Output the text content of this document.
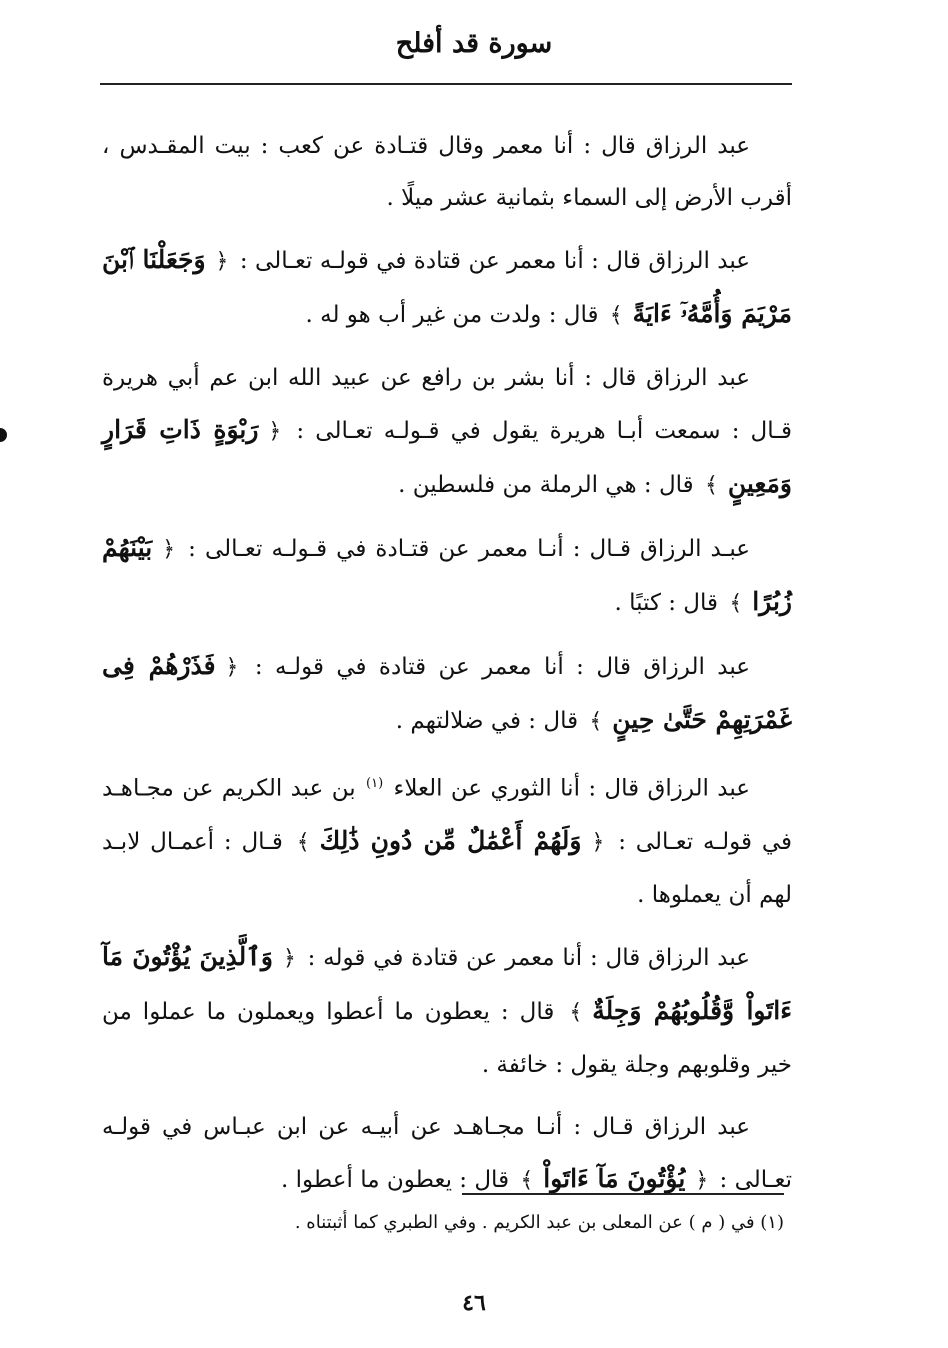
سورة قد أفلح

عبد الرزاق قال : أنا معمر وقال قتـادة عن كعب : بيت المقـدس ، أقرب الأرض إلى السماء بثمانية عشر ميلًا .

عبد الرزاق قال : أنا معمر عن قتادة في قولـه تعـالى : ﴿وَجَعَلْنَا ٱبْنَ مَرْيَمَ وَأُمَّهُۥٓ ءَايَةً﴾ قال : ولدت من غير أب هو له .

عبد الرزاق قال : أنا بشر بن رافع عن عبيد الله ابن عم أبي هريرة قـال : سمعت أبـا هريرة يقول في قـولـه تعـالى : ﴿رَبْوَةٍ ذَاتِ قَرَارٍ وَمَعِينٍ﴾ قال : هي الرملة من فلسطين .

عبـد الرزاق قـال : أنـا معمر عن قتـادة في قـولـه تعـالى : ﴿بَيْنَهُمْ زُبُرًا﴾ قال : كتبًا .

عبد الرزاق قال : أنا معمر عن قتادة في قولـه : ﴿فَذَرْهُمْ فِى غَمْرَتِهِمْ حَتَّىٰ حِينٍ﴾ قال : في ضلالتهم .

عبد الرزاق قال : أنا الثوري عن العلاء $^{(١)}$ بن عبد الكريم عن مجـاهـد في قولـه تعـالى : ﴿وَلَهُمْ أَعْمَٰلٌ مِّن دُونِ ذَٰلِكَ﴾ قـال : أعمـال لابـد لهم أن يعملوها .

عبد الرزاق قال : أنا معمر عن قتادة في قوله : ﴿وَٱلَّذِينَ يُؤْتُونَ مَآ ءَاتَواْ وَّقُلُوبُهُمْ وَجِلَةٌ﴾ قال : يعطون ما أعطوا ويعملون ما عملوا من خير وقلوبهم وجلة يقول : خائفة .

عبد الرزاق قـال : أنـا مجـاهـد عن أبيـه عن ابن عبـاس في قولـه تعـالى : ﴿يُؤْتُونَ مَآ ءَاتَواْ﴾ قال : يعطون ما أعطوا .

(١) في ( م ) عن المعلى بن عبد الكريم . وفي الطبري كما أثبتناه .
٤٦
